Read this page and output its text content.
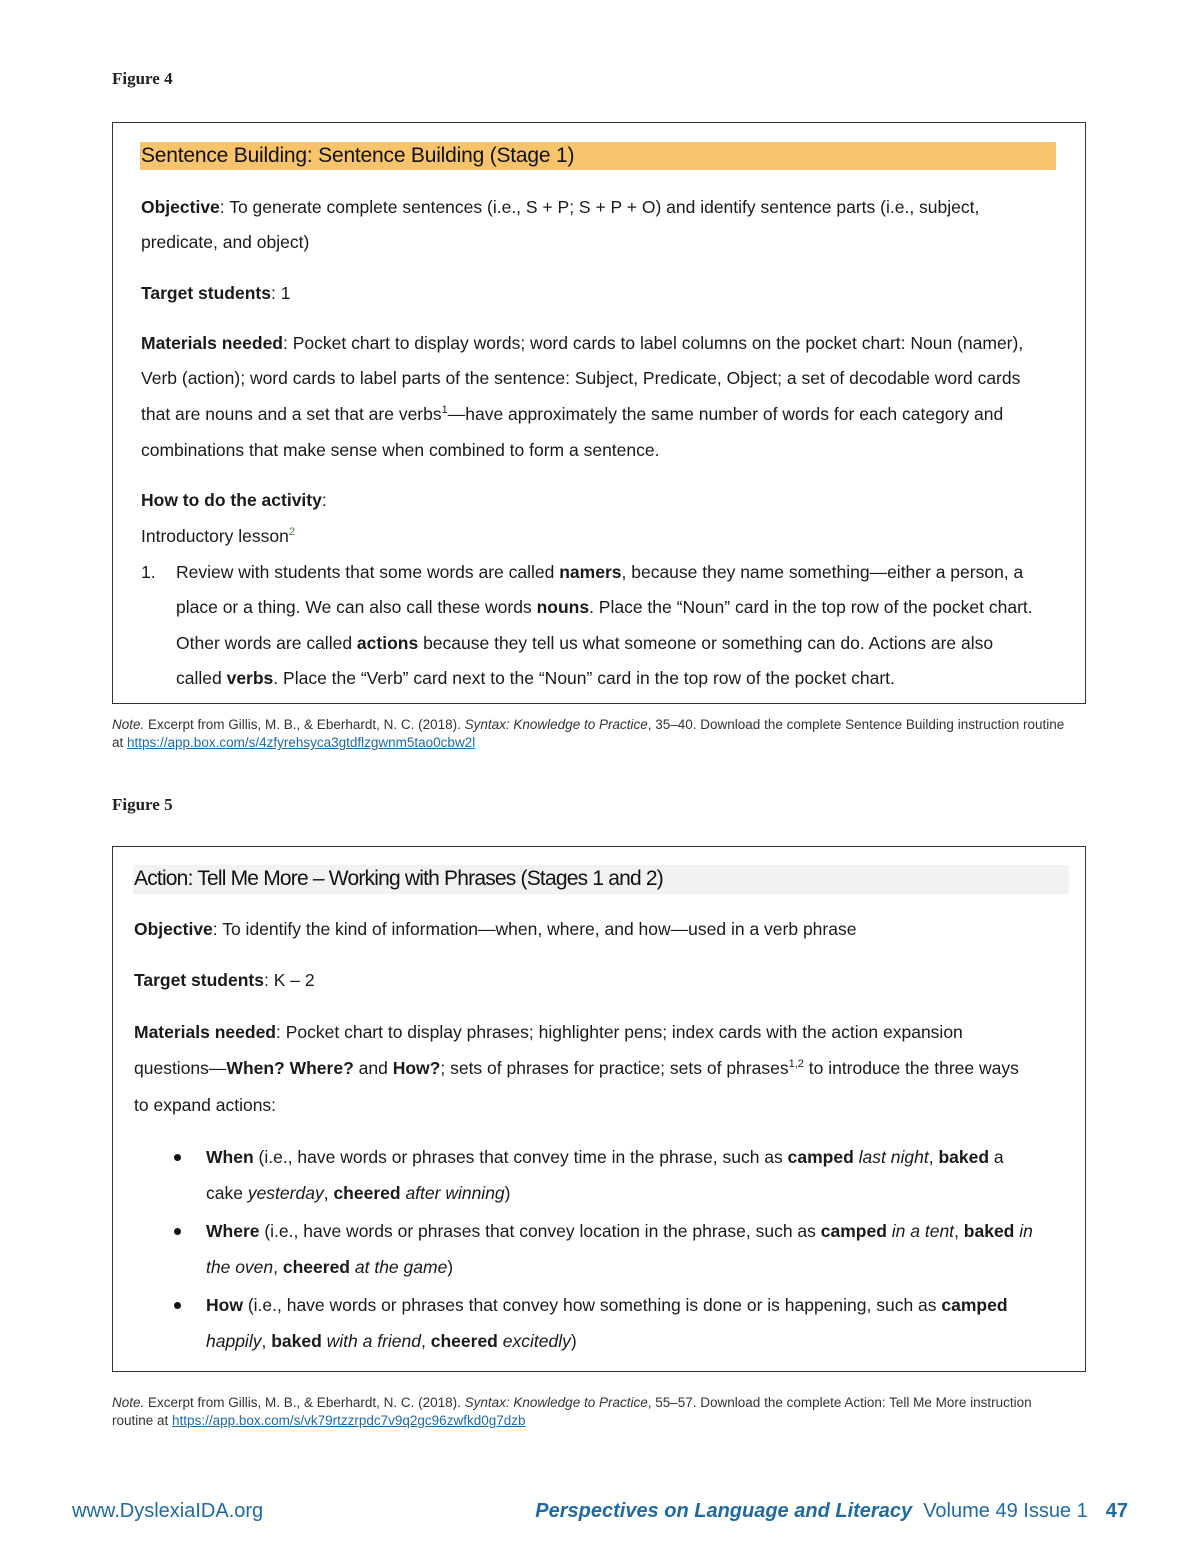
Figure 4
Sentence Building: Sentence Building (Stage 1)
Objective: To generate complete sentences (i.e., S + P; S + P + O) and identify sentence parts (i.e., subject,
predicate, and object)
Target students: 1
Materials needed: Pocket chart to display words; word cards to label columns on the pocket chart: Noun (namer),
Verb (action); word cards to label parts of the sentence: Subject, Predicate, Object; a set of decodable word cards
that are nouns and a set that are verbs$^1$—have approximately the same number of words for each category and
combinations that make sense when combined to form a sentence.
How to do the activity:
Introductory lesson$^2$
1. Review with students that some words are called namers, because they name something—either a person, a
place or a thing. We can also call these words nouns. Place the “Noun” card in the top row of the pocket chart.
Other words are called actions because they tell us what someone or something can do. Actions are also
called verbs. Place the “Verb” card next to the “Noun” card in the top row of the pocket chart.
Note. Excerpt from Gillis, M. B., & Eberhardt, N. C. (2018). Syntax: Knowledge to Practice, 35–40. Download the complete Sentence Building instruction routine
at https://app.box.com/s/4zfyrehsyca3gtdflzgwnm5tao0cbw2l
Figure 5
Action: Tell Me More – Working with Phrases (Stages 1 and 2)
Objective: To identify the kind of information—when, where, and how—used in a verb phrase
Target students: K – 2
Materials needed: Pocket chart to display phrases; highlighter pens; index cards with the action expansion
questions—When? Where? and How?; sets of phrases for practice; sets of phrases$^{1,2}$ to introduce the three ways
to expand actions:
When (i.e., have words or phrases that convey time in the phrase, such as camped last night, baked a
cake yesterday, cheered after winning)
Where (i.e., have words or phrases that convey location in the phrase, such as camped in a tent, baked in
the oven, cheered at the game)
How (i.e., have words or phrases that convey how something is done or is happening, such as camped
happily, baked with a friend, cheered excitedly)
Note. Excerpt from Gillis, M. B., & Eberhardt, N. C. (2018). Syntax: Knowledge to Practice, 55–57. Download the complete Action: Tell Me More instruction
routine at https://app.box.com/s/vk79rtzzrpdc7v9q2gc96zwfkd0g7dzb
www.DyslexiaIDA.org	Perspectives on Language and Literacy Volume 49 Issue 1 47
